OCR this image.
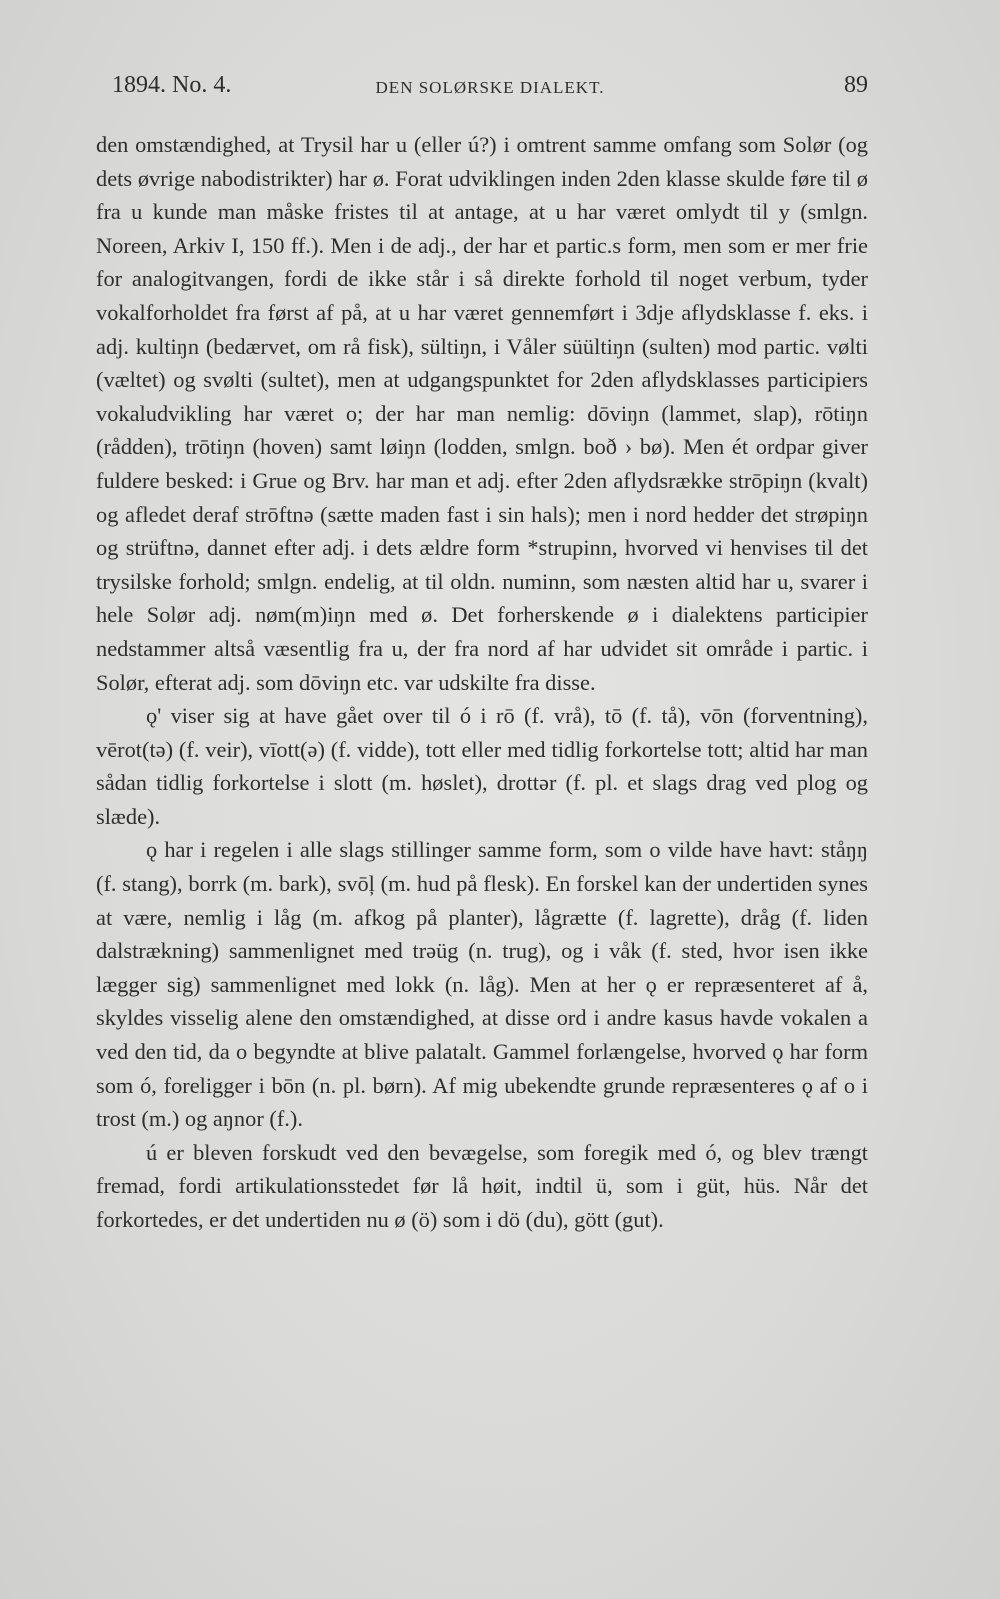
1894. No. 4.	DEN SOLØRSKE DIALEKT.	89

den omstændighed, at Trysil har u (eller ú?) i omtrent samme omfang som Solør (og dets øvrige nabodistrikter) har ø. Forat udviklingen inden 2den klasse skulde føre til ø fra u kunde man måske fristes til at antage, at u har været omlydt til y (smlgn. Noreen, Arkiv I, 150 ff.). Men i de adj., der har et partic.s form, men som er mer frie for analogitvangen, fordi de ikke står i så direkte forhold til noget verbum, tyder vokalforholdet fra først af på, at u har været gennemført i 3dje aflydsklasse f. eks. i adj. kultiŋn (bedærvet, om rå fisk), sültiŋn, i Våler süültiŋn (sulten) mod partic. vølti (væltet) og svølti (sultet), men at udgangspunktet for 2den aflydsklasses participiers vokaludvikling har været o; der har man nemlig: dōviŋn (lammet, slap), rōtiŋn (rådden), trōtiŋn (hoven) samt løiŋn (lodden, smlgn. boð › bø). Men ét ordpar giver fuldere besked: i Grue og Brv. har man et adj. efter 2den aflydsrække strōpiŋn (kvalt) og afledet deraf strōftnə (sætte maden fast i sin hals); men i nord hedder det strøpiŋn og strüftnə, dannet efter adj. i dets ældre form *strupinn, hvorved vi henvises til det trysilske forhold; smlgn. endelig, at til oldn. numinn, som næsten altid har u, svarer i hele Solør adj. nøm(m)iŋn med ø. Det forherskende ø i dialektens participier nedstammer altså væsentlig fra u, der fra nord af har udvidet sit område i partic. i Solør, efterat adj. som dōviŋn etc. var udskilte fra disse.

ǫ' viser sig at have gået over til ó i rō (f. vrå), tō (f. tå), vōn (forventning), vērot(tə) (f. veir), vīott(ə) (f. vidde), tott eller med tidlig forkortelse tott; altid har man sådan tidlig forkortelse i slott (m. høslet), drottər (f. pl. et slags drag ved plog og slæde).

ǫ har i regelen i alle slags stillinger samme form, som o vilde have havt: ståŋŋ (f. stang), borrk (m. bark), svōļ (m. hud på flesk). En forskel kan der undertiden synes at være, nemlig i låg (m. afkog på planter), lågrætte (f. lagrette), dråg (f. liden dalstrækning) sammenlignet med trəüg (n. trug), og i våk (f. sted, hvor isen ikke lægger sig) sammenlignet med lokk (n. låg). Men at her ǫ er repræsenteret af å, skyldes visselig alene den omstændighed, at disse ord i andre kasus havde vokalen a ved den tid, da o begyndte at blive palatalt. Gammel forlængelse, hvorved ǫ har form som ó, foreligger i bōn (n. pl. børn). Af mig ubekendte grunde repræsenteres ǫ af o i trost (m.) og aŋnor (f.).

ú er bleven forskudt ved den bevægelse, som foregik med ó, og blev trængt fremad, fordi artikulationsstedet før lå høit, indtil ü, som i güt, hüs. Når det forkortedes, er det undertiden nu ø (ö) som i dö (du), gött (gut).
